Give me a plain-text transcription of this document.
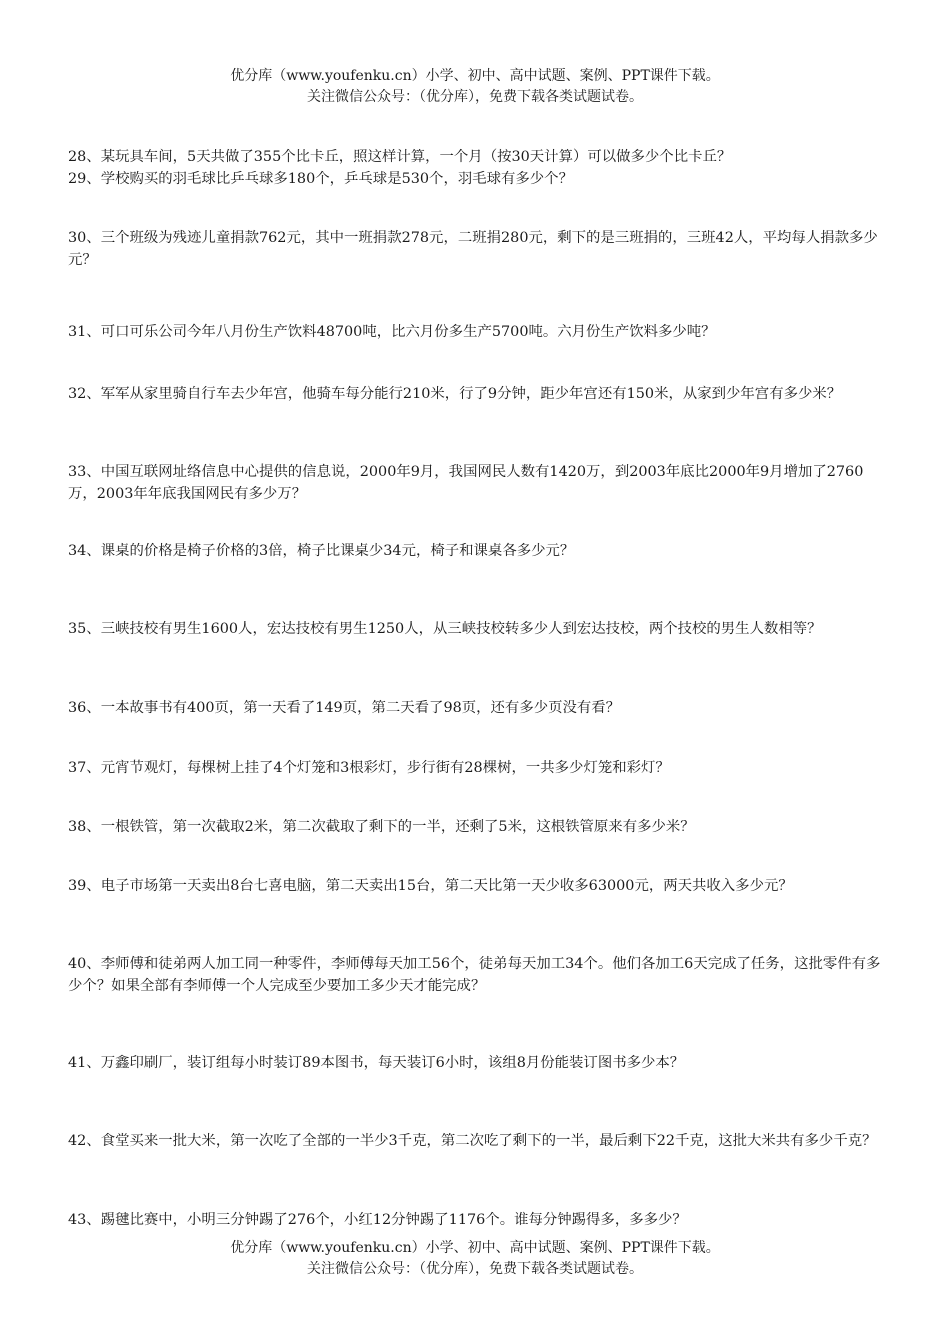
优分库（www.youfenku.cn）小学、初中、高中试题、案例、PPT课件下载。
关注微信公众号：（优分库），免费下载各类试题试卷。
28、某玩具车间，5天共做了355个比卡丘，照这样计算，一个月（按30天计算）可以做多少个比卡丘？
29、学校购买的羽毛球比乒乓球多180个，乒乓球是530个，羽毛球有多少个？
30、三个班级为残迹儿童捐款762元，其中一班捐款278元，二班捐280元，剩下的是三班捐的，三班42人，平均每人捐款多少元？
31、可口可乐公司今年八月份生产饮料48700吨，比六月份多生产5700吨。六月份生产饮料多少吨？
32、军军从家里骑自行车去少年宫，他骑车每分能行210米，行了9分钟，距少年宫还有150米，从家到少年宫有多少米？
33、中国互联网址络信息中心提供的信息说，2000年9月，我国网民人数有1420万，到2003年底比2000年9月增加了2760万，2003年年底我国网民有多少万？
34、课桌的价格是椅子价格的3倍，椅子比课桌少34元，椅子和课桌各多少元？
35、三峡技校有男生1600人，宏达技校有男生1250人，从三峡技校转多少人到宏达技校，两个技校的男生人数相等？
36、一本故事书有400页，第一天看了149页，第二天看了98页，还有多少页没有看？
37、元宵节观灯，每棵树上挂了4个灯笼和3根彩灯，步行街有28棵树，一共多少灯笼和彩灯？
38、一根铁管，第一次截取2米，第二次截取了剩下的一半，还剩了5米，这根铁管原来有多少米？
39、电子市场第一天卖出8台七喜电脑，第二天卖出15台，第二天比第一天少收多63000元，两天共收入多少元？
40、李师傅和徒弟两人加工同一种零件，李师傅每天加工56个，徒弟每天加工34个。他们各加工6天完成了任务，这批零件有多少个？如果全部有李师傅一个人完成至少要加工多少天才能完成？
41、万鑫印刷厂，装订组每小时装订89本图书，每天装订6小时，该组8月份能装订图书多少本？
42、食堂买来一批大米，第一次吃了全部的一半少3千克，第二次吃了剩下的一半，最后剩下22千克，这批大米共有多少千克？
43、踢毽比赛中，小明三分钟踢了276个，小红12分钟踢了1176个。谁每分钟踢得多，多多少？
优分库（www.youfenku.cn）小学、初中、高中试题、案例、PPT课件下载。
关注微信公众号：（优分库），免费下载各类试题试卷。
